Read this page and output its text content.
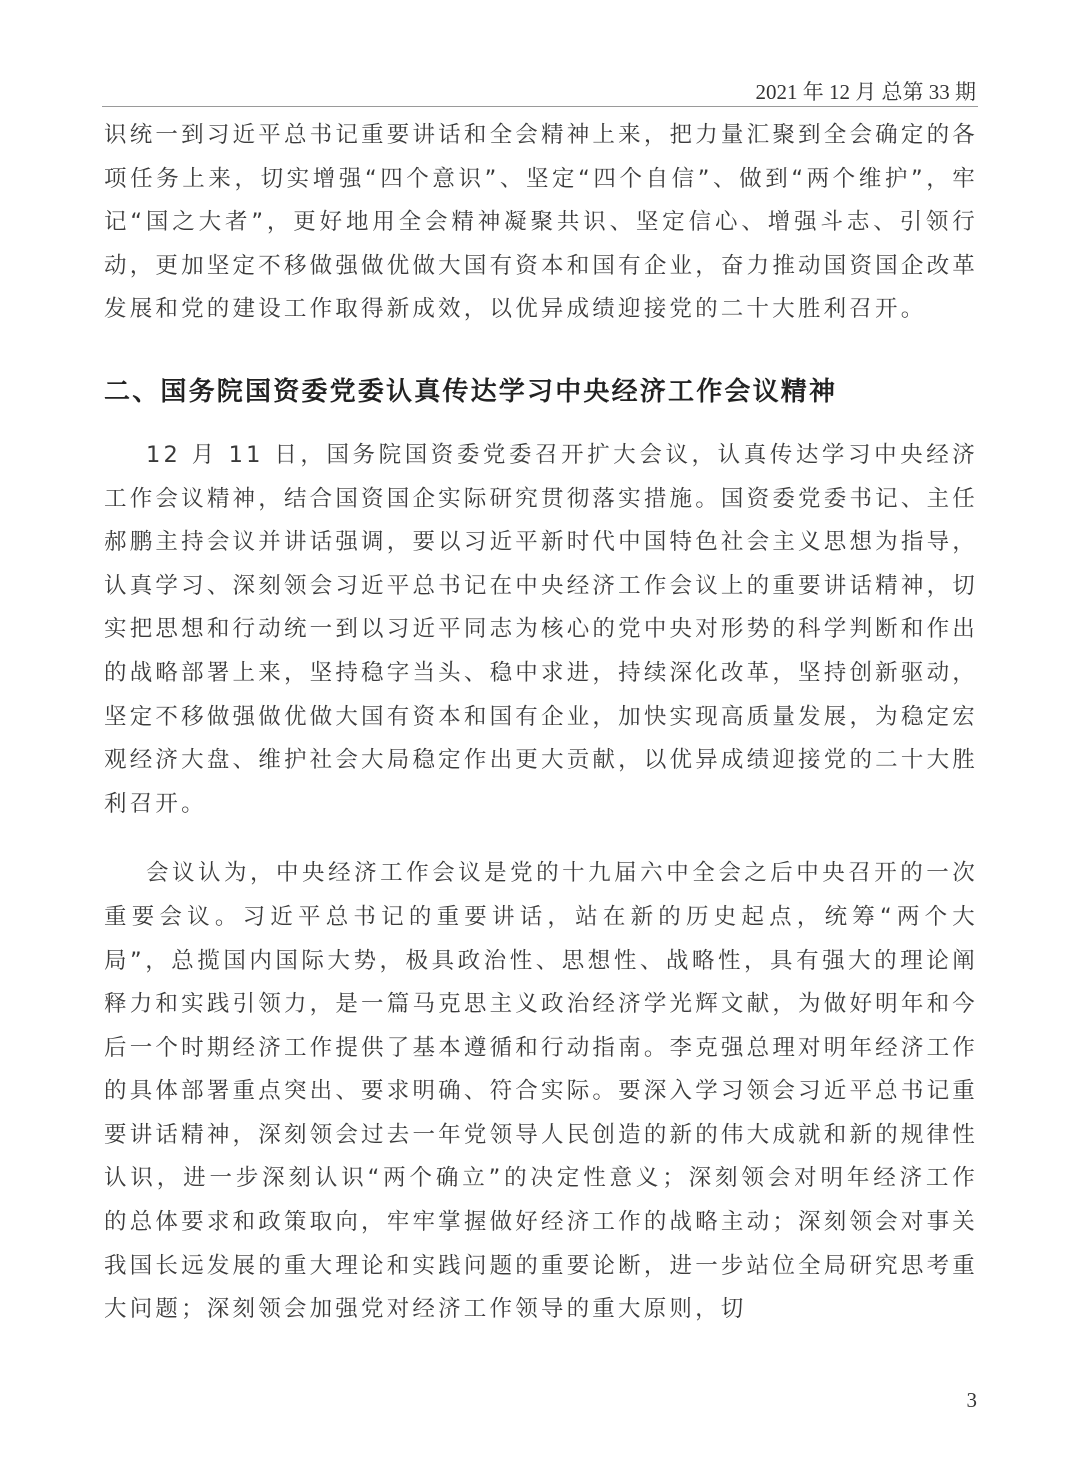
2021 年 12 月 总第 33 期

识统一到习近平总书记重要讲话和全会精神上来，把力量汇聚到全会确定的各项任务上来，切实增强“四个意识”、坚定“四个自信”、做到“两个维护”，牢记“国之大者”，更好地用全会精神凝聚共识、坚定信心、增强斗志、引领行动，更加坚定不移做强做优做大国有资本和国有企业，奋力推动国资国企改革发展和党的建设工作取得新成效，以优异成绩迎接党的二十大胜利召开。

二、国务院国资委党委认真传达学习中央经济工作会议精神

12 月 11 日，国务院国资委党委召开扩大会议，认真传达学习中央经济工作会议精神，结合国资国企实际研究贯彻落实措施。国资委党委书记、主任郝鹏主持会议并讲话强调，要以习近平新时代中国特色社会主义思想为指导，认真学习、深刻领会习近平总书记在中央经济工作会议上的重要讲话精神，切实把思想和行动统一到以习近平同志为核心的党中央对形势的科学判断和作出的战略部署上来，坚持稳字当头、稳中求进，持续深化改革，坚持创新驱动，坚定不移做强做优做大国有资本和国有企业，加快实现高质量发展，为稳定宏观经济大盘、维护社会大局稳定作出更大贡献，以优异成绩迎接党的二十大胜利召开。

会议认为，中央经济工作会议是党的十九届六中全会之后中央召开的一次重要会议。习近平总书记的重要讲话，站在新的历史起点，统筹“两个大局”，总揽国内国际大势，极具政治性、思想性、战略性，具有强大的理论阐释力和实践引领力，是一篇马克思主义政治经济学光辉文献，为做好明年和今后一个时期经济工作提供了基本遵循和行动指南。李克强总理对明年经济工作的具体部署重点突出、要求明确、符合实际。要深入学习领会习近平总书记重要讲话精神，深刻领会过去一年党领导人民创造的新的伟大成就和新的规律性认识，进一步深刻认识“两个确立”的决定性意义；深刻领会对明年经济工作的总体要求和政策取向，牢牢掌握做好经济工作的战略主动；深刻领会对事关我国长远发展的重大理论和实践问题的重要论断，进一步站位全局研究思考重大问题；深刻领会加强党对经济工作领导的重大原则，切

3
